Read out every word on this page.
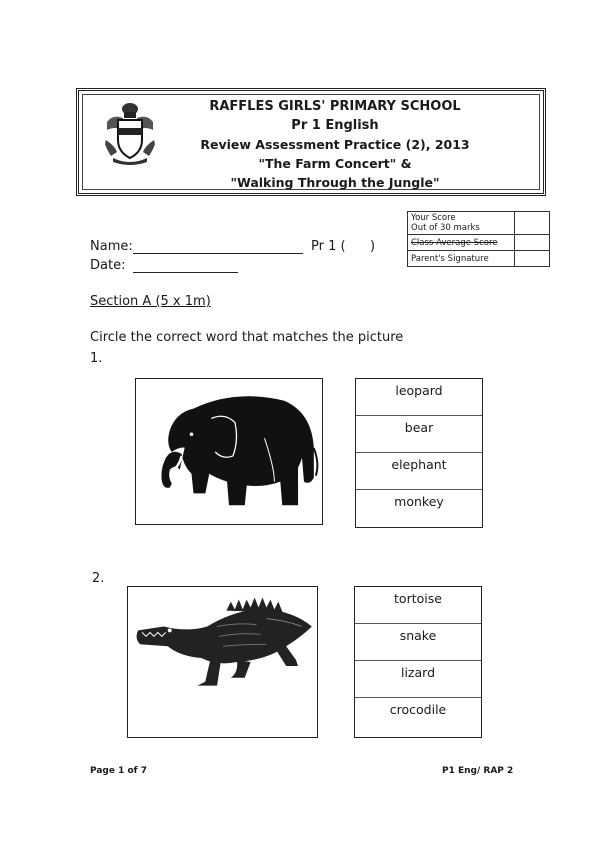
RAFFLES GIRLS' PRIMARY SCHOOL
Pr 1 English
Review Assessment Practice (2), 2013
"The Farm Concert" &
"Walking Through the Jungle"
Your Score
Out of 30 marks	

Class Average Score	
Parent's Signature	
Name:	Pr 1 ( )
Date:
Section A (5 x 1m)
Circle the correct word that matches the picture
1.
leopard
bear
elephant
monkey
2.
tortoise
snake
lizard
crocodile
Page 1 of 7	P1 Eng/ RAP 2
